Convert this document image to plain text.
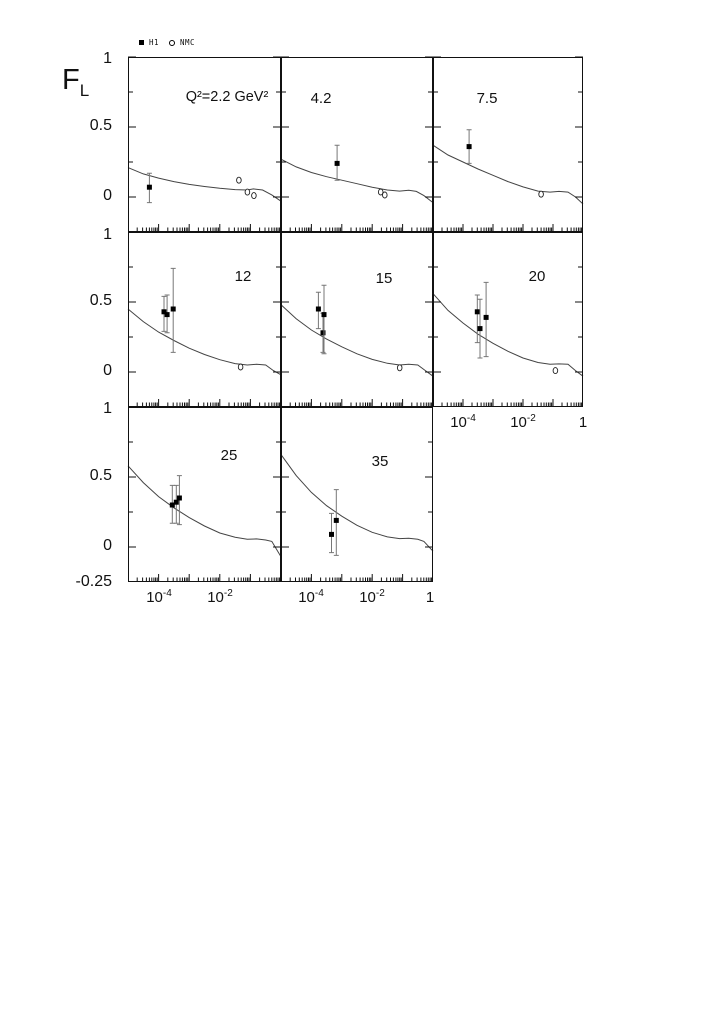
H1	NMC
$F_L$
1
0.5
0
1
0.5
0
1
0.5
0
-0.25
$10^{-4}$	$10^{-2}$	1
$10^{-4}$	$10^{-2}$	$10^{-4}$	$10^{-2}$	1
Q²=2.2 GeV²	4.2	7.5
12	15	20
25	35
